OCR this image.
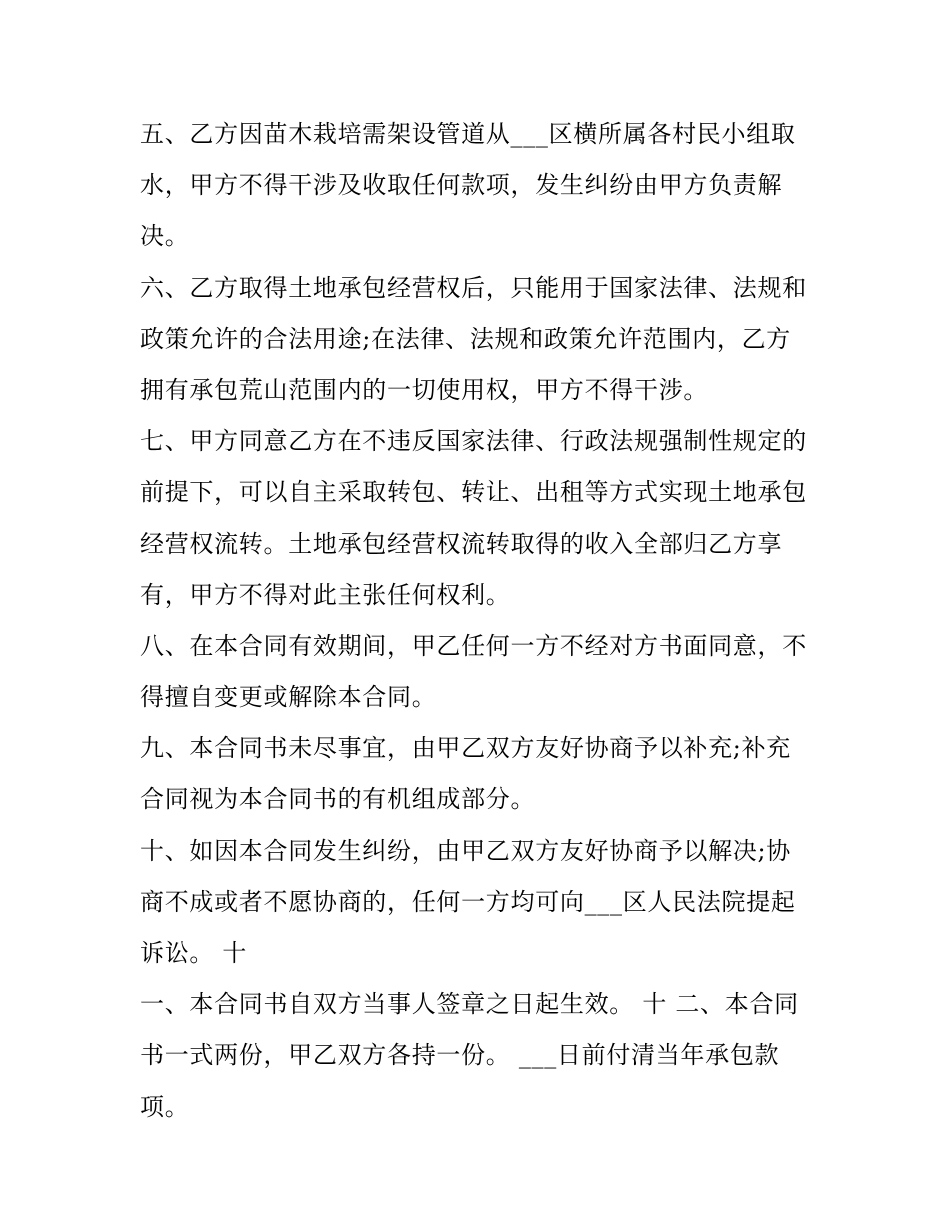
五、乙方因苗木栽培需架设管道从___区横所属各村民小组取
水，甲方不得干涉及收取任何款项，发生纠纷由甲方负责解
决。
六、乙方取得土地承包经营权后，只能用于国家法律、法规和
政策允许的合法用途;在法律、法规和政策允许范围内，乙方
拥有承包荒山范围内的一切使用权，甲方不得干涉。
七、甲方同意乙方在不违反国家法律、行政法规强制性规定的
前提下，可以自主采取转包、转让、出租等方式实现土地承包
经营权流转。土地承包经营权流转取得的收入全部归乙方享
有，甲方不得对此主张任何权利。
八、在本合同有效期间，甲乙任何一方不经对方书面同意，不
得擅自变更或解除本合同。
九、本合同书未尽事宜，由甲乙双方友好协商予以补充;补充
合同视为本合同书的有机组成部分。
十、如因本合同发生纠纷，由甲乙双方友好协商予以解决;协
商不成或者不愿协商的，任何一方均可向___区人民法院提起
诉讼。 十
一、本合同书自双方当事人签章之日起生效。 十 二、本合同
书一式两份，甲乙双方各持一份。 ___日前付清当年承包款
项。
